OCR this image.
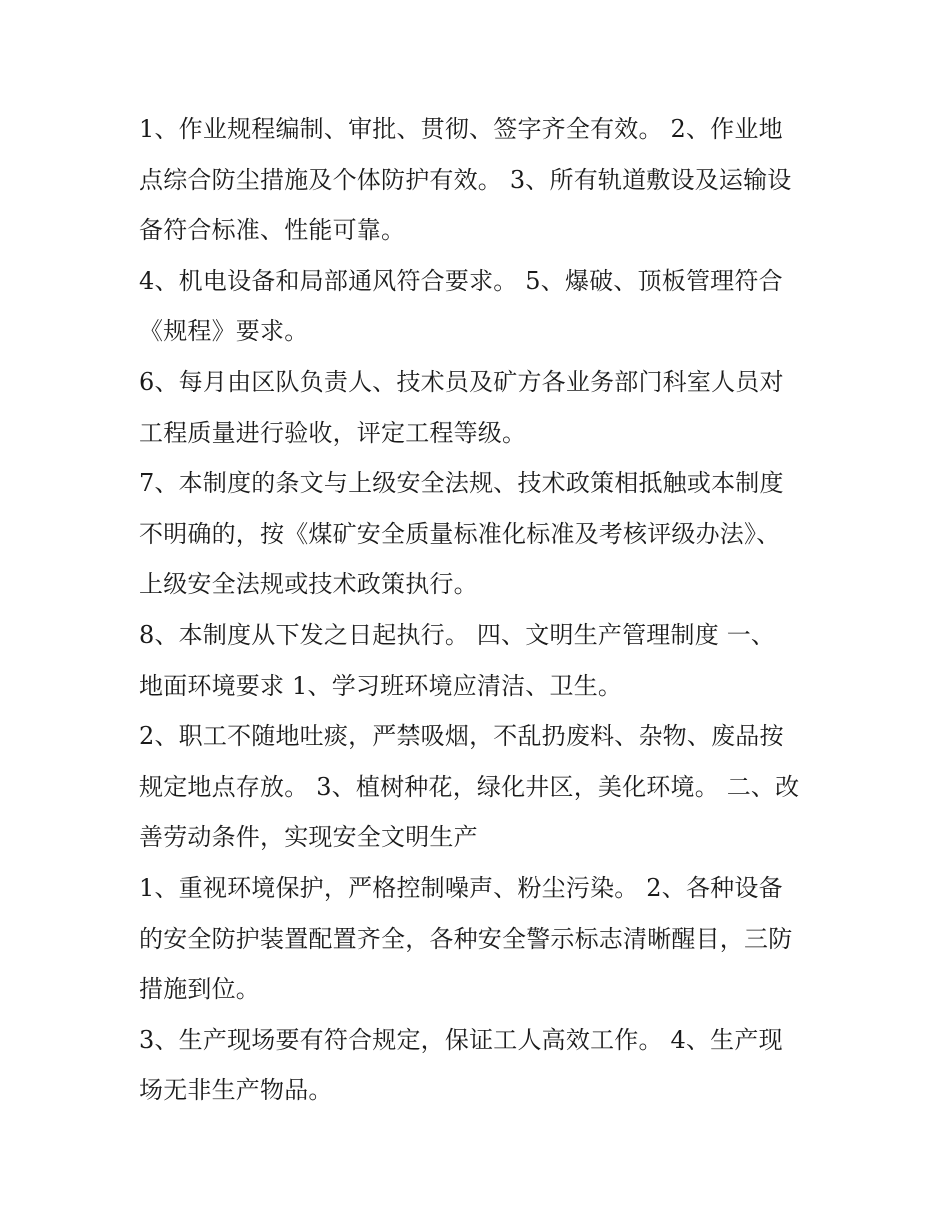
1、作业规程编制、审批、贯彻、签字齐全有效。 2、作业地
点综合防尘措施及个体防护有效。 3、所有轨道敷设及运输设
备符合标准、性能可靠。
4、机电设备和局部通风符合要求。 5、爆破、顶板管理符合
《规程》要求。
6、每月由区队负责人、技术员及矿方各业务部门科室人员对
工程质量进行验收，评定工程等级。
7、本制度的条文与上级安全法规、技术政策相抵触或本制度
不明确的，按《煤矿安全质量标准化标准及考核评级办法》、
上级安全法规或技术政策执行。
8、本制度从下发之日起执行。 四、文明生产管理制度 一、
地面环境要求 1、学习班环境应清洁、卫生。
2、职工不随地吐痰，严禁吸烟，不乱扔废料、杂物、废品按
规定地点存放。 3、植树种花，绿化井区，美化环境。 二、改
善劳动条件，实现安全文明生产
1、重视环境保护，严格控制噪声、粉尘污染。 2、各种设备
的安全防护装置配置齐全，各种安全警示标志清晰醒目，三防
措施到位。
3、生产现场要有符合规定，保证工人高效工作。 4、生产现
场无非生产物品。
